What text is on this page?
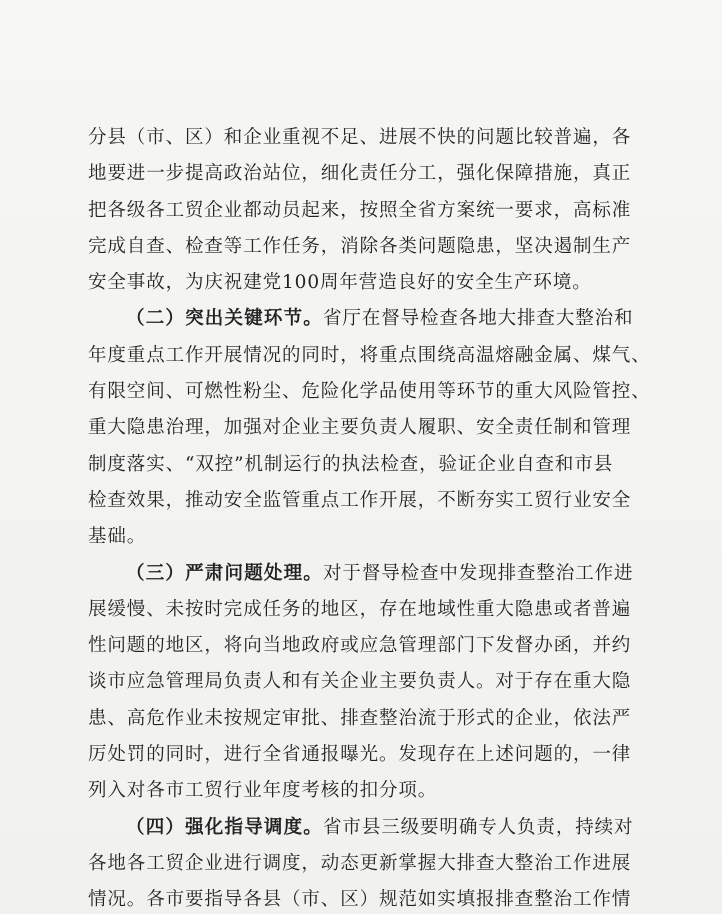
分县（市、区）和企业重视不足、进展不快的问题比较普遍，各
地要进一步提高政治站位，细化责任分工，强化保障措施，真正
把各级各工贸企业都动员起来，按照全省方案统一要求，高标准
完成自查、检查等工作任务，消除各类问题隐患，坚决遏制生产
安全事故，为庆祝建党100周年营造良好的安全生产环境。
（二）突出关键环节。省厅在督导检查各地大排查大整治和
年度重点工作开展情况的同时，将重点围绕高温熔融金属、煤气、
有限空间、可燃性粉尘、危险化学品使用等环节的重大风险管控、
重大隐患治理，加强对企业主要负责人履职、安全责任制和管理
制度落实、“双控”机制运行的执法检查，验证企业自查和市县
检查效果，推动安全监管重点工作开展，不断夯实工贸行业安全
基础。
（三）严肃问题处理。对于督导检查中发现排查整治工作进
展缓慢、未按时完成任务的地区，存在地域性重大隐患或者普遍
性问题的地区，将向当地政府或应急管理部门下发督办函，并约
谈市应急管理局负责人和有关企业主要负责人。对于存在重大隐
患、高危作业未按规定审批、排查整治流于形式的企业，依法严
厉处罚的同时，进行全省通报曝光。发现存在上述问题的，一律
列入对各市工贸行业年度考核的扣分项。
（四）强化指导调度。省市县三级要明确专人负责，持续对
各地各工贸企业进行调度，动态更新掌握大排查大整治工作进展
情况。各市要指导各县（市、区）规范如实填报排查整治工作情
